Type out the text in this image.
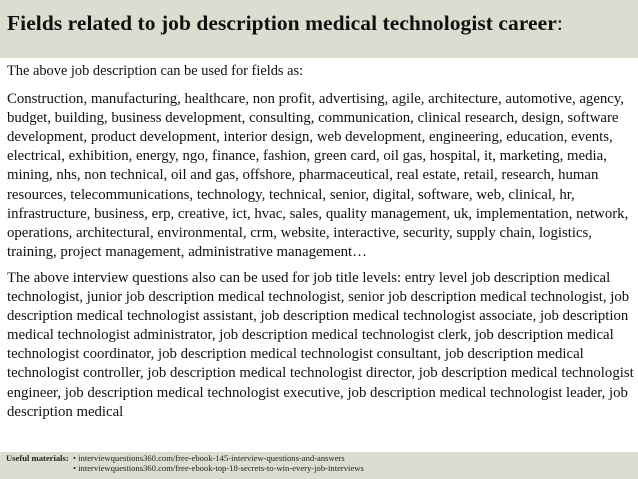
Fields related to job description medical technologist career:

The above job description can be used for fields as:

Construction, manufacturing, healthcare, non profit, advertising, agile, architecture, automotive, agency, budget, building, business development, consulting, communication, clinical research, design, software development, product development, interior design, web development, engineering, education, events, electrical, exhibition, energy, ngo, finance, fashion, green card, oil gas, hospital, it, marketing, media, mining, nhs, non technical, oil and gas, offshore, pharmaceutical, real estate, retail, research, human resources, telecommunications, technology, technical, senior, digital, software, web, clinical, hr, infrastructure, business, erp, creative, ict, hvac, sales, quality management, uk, implementation, network, operations, architectural, environmental, crm, website, interactive, security, supply chain, logistics, training, project management, administrative management…

The above interview questions also can be used for job title levels: entry level job description medical technologist, junior job description medical technologist, senior job description medical technologist, job description medical technologist assistant, job description medical technologist associate, job description medical technologist administrator, job description medical technologist clerk, job description medical technologist coordinator, job description medical technologist consultant, job description medical technologist controller, job description medical technologist director, job description medical technologist engineer, job description medical technologist executive, job description medical technologist leader, job description medical

Useful materials: • interviewquestions360.com/free-ebook-145-interview-questions-and-answers
• interviewquestions360.com/free-ebook-top-18-secrets-to-win-every-job-interviews
